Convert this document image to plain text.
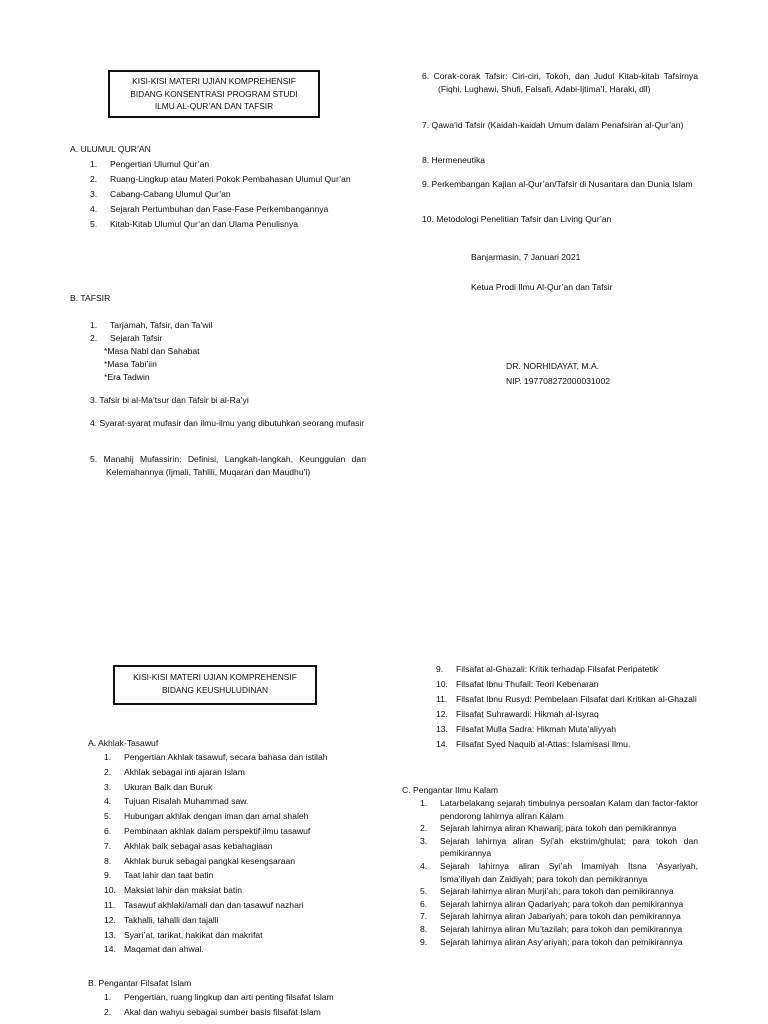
KISI-KISI MATERI UJIAN KOMPREHENSIF
BIDANG KONSENTRASI PROGRAM STUDI
ILMU AL-QUR’AN DAN TAFSIR
A. ULUMUL QUR’AN
1. Pengertian Ulumul Qur’an
2. Ruang-Lingkup atau Materi Pokok Pembahasan Ulumul Qur’an
3. Cabang-Cabang Ulumul Qur’an
4. Sejarah Pertumbuhan dan Fase-Fase Perkembangannya
5. Kitab-Kitab Ulumul Qur’an dan Ulama Penulisnya
B. TAFSIR
1. Tarjamah, Tafsir, dan Ta’wil
2. Sejarah Tafsir
*Masa Nabi dan Sahabat
*Masa Tabi’iin
*Era Tadwin
3. Tafsir bi al-Ma’tsur dan Tafsir bi al-Ra’yi
4. Syarat-syarat mufasir dan ilmu-ilmu yang dibutuhkan seorang mufasir
5. Manahij Mufassirin: Definisi, Langkah-langkah, Keunggulan dan Kelemahannya (Ijmali, Tahlili, Muqaran dan Maudhu’i)
6. Corak-corak Tafsir: Ciri-ciri, Tokoh, dan Judul Kitab-kitab Tafsirnya (Fiqhi, Lughawi, Shufi, Falsafi, Adabi-Ijtima’I, Haraki, dll)
7. Qawa’id Tafsir (Kaidah-kaidah Umum dalam Penafsiran al-Qur’an)
8. Hermeneutika
9. Perkembangan Kajian al-Qur’an/Tafsir di Nusantara dan Dunia Islam
10. Metodologi Penelitian Tafsir dan Living Qur’an
Banjarmasin, 7 Januari 2021
Ketua Prodi Ilmu Al-Qur’an dan Tafsir
DR. NORHIDAYAT, M.A.
NIP. 197708272000031002
KISI-KISI MATERI UJIAN KOMPREHENSIF
BIDANG KEUSHULUDINAN
A. Akhlak-Tasawuf
1. Pengertian Akhlak tasawuf, secara bahasa dan istilah
2. Akhlak sebagai inti ajaran Islam
3. Ukuran Baik dan Buruk
4. Tujuan Risalah Muhammad saw.
5. Hubungan akhlak dengan iman dan amal shaleh
6. Pembinaan akhlak dalam perspektif ilmu tasawuf
7. Akhlak baik sebagai asas kebahagiaan
8. Akhlak buruk sebagai pangkal kesengsaraan
9. Taat lahir dan taat batin
10. Maksiat lahir dan maksiat batin
11. Tasawuf akhlaki/amali dan dan tasawuf nazhari
12. Takhalli, tahalli dan tajalli
13. Syari’at, tarikat, hakikat dan makrifat
14. Maqamat dan ahwal.
B. Pengantar Filsafat Islam
1. Pengertian, ruang lingkup dan arti penting filsafat Islam
2. Akal dan wahyu sebagai sumber basis filsafat Islam
9. Filsafat al-Ghazali: Kritik terhadap Filsafat Peripatetik
10. Filsafat Ibnu Thufail: Teori Kebenaran
11. Filsafat Ibnu Rusyd: Pembelaan Filsafat dari Kritikan al-Ghazali
12. Filsafat Suhrawardi: Hikmah al-Isyraq
13. Filsafat Mulla Sadra: Hikmah Muta’aliyyah
14. Filsafat Syed Naquib al-Attas: Islamisasi Ilmu.
C. Pengantar Ilmu Kalam
1. Latarbelakang sejarah timbulnya persoalan Kalam dan factor-faktor pendorong lahirnya aliran Kalam
2. Sejarah lahirnya aliran Khawarij; para tokoh dan pemikirannya
3. Sejarah lahirnya aliran Syi’ah ekstrim/ghulat; para tokoh dan pemikirannya
4. Sejarah lahirnya aliran Syi’ah Imamiyah Itsna ‘Asyariyah, Isma’iliyah dan Zaidiyah; para tokoh dan pemikirannya
5. Sejarah lahirnya aliran Murji’ah; para tokoh dan pemikirannya
6. Sejarah lahirnya aliran Qadariyah; para tokoh dan pemikirannya
7. Sejarah lahirnya aliran Jabariyah; para tokoh dan pemikirannya
8. Sejarah lahirnya aliran Mu’tazilah; para tokoh dan pemikirannya
9. Sejarah lahirnya aliran Asy’ariyah; para tokoh dan pemikirannya
